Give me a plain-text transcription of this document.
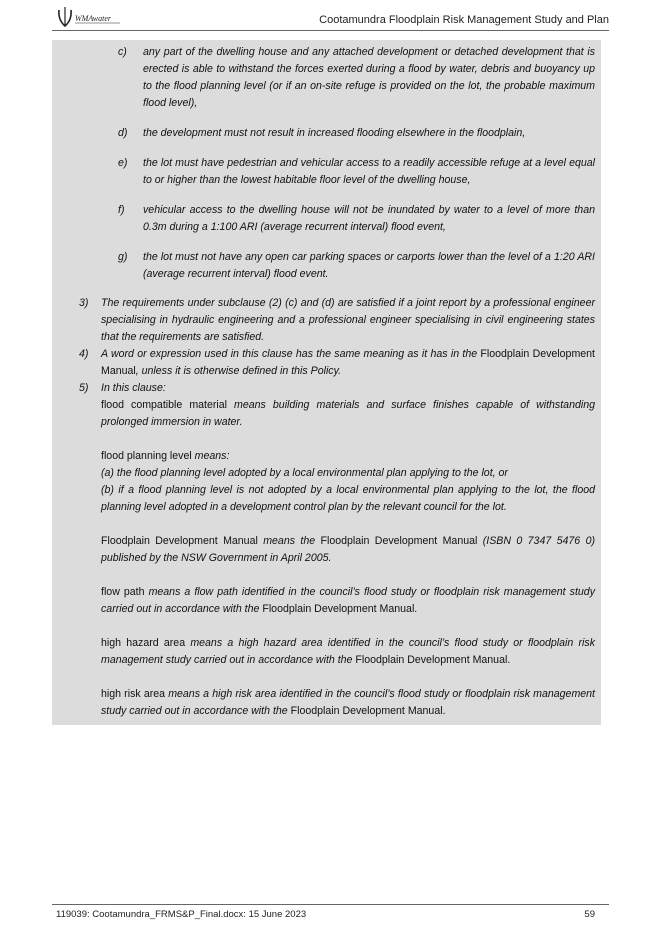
WMAwater	Cootamundra Floodplain Risk Management Study and Plan
c) any part of the dwelling house and any attached development or detached development that is erected is able to withstand the forces exerted during a flood by water, debris and buoyancy up to the flood planning level (or if an on-site refuge is provided on the lot, the probable maximum flood level),
d) the development must not result in increased flooding elsewhere in the floodplain,
e) the lot must have pedestrian and vehicular access to a readily accessible refuge at a level equal to or higher than the lowest habitable floor level of the dwelling house,
f) vehicular access to the dwelling house will not be inundated by water to a level of more than 0.3m during a 1:100 ARI (average recurrent interval) flood event,
g) the lot must not have any open car parking spaces or carports lower than the level of a 1:20 ARI (average recurrent interval) flood event.
3) The requirements under subclause (2) (c) and (d) are satisfied if a joint report by a professional engineer specialising in hydraulic engineering and a professional engineer specialising in civil engineering states that the requirements are satisfied.
4) A word or expression used in this clause has the same meaning as it has in the Floodplain Development Manual, unless it is otherwise defined in this Policy.
5) In this clause:
flood compatible material means building materials and surface finishes capable of withstanding prolonged immersion in water.
flood planning level means:
(a) the flood planning level adopted by a local environmental plan applying to the lot, or
(b) if a flood planning level is not adopted by a local environmental plan applying to the lot, the flood planning level adopted in a development control plan by the relevant council for the lot.
Floodplain Development Manual means the Floodplain Development Manual (ISBN 0 7347 5476 0) published by the NSW Government in April 2005.
flow path means a flow path identified in the council’s flood study or floodplain risk management study carried out in accordance with the Floodplain Development Manual.
high hazard area means a high hazard area identified in the council’s flood study or floodplain risk management study carried out in accordance with the Floodplain Development Manual.
high risk area means a high risk area identified in the council’s flood study or floodplain risk management study carried out in accordance with the Floodplain Development Manual.
119039: Cootamundra_FRMS&P_Final.docx: 15 June 2023	59
